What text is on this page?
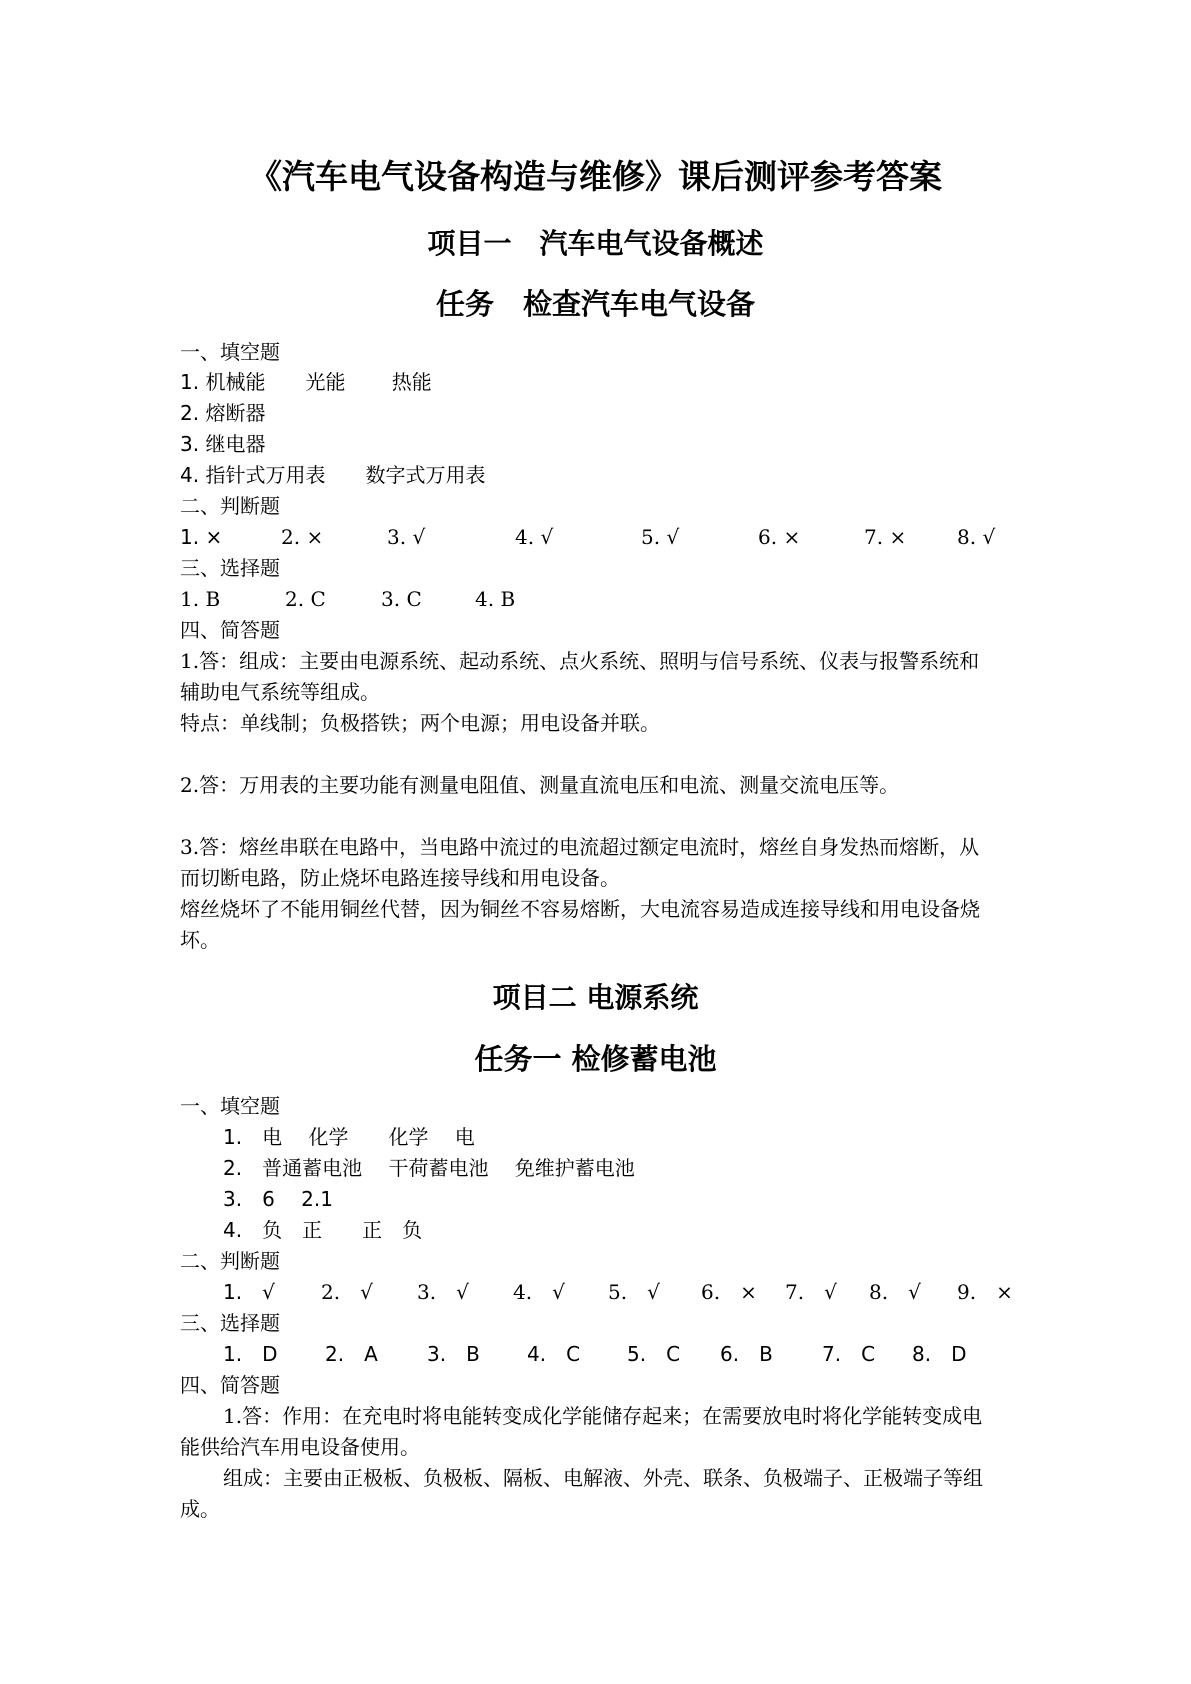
《汽车电气设备构造与维修》课后测评参考答案
项目一　汽车电气设备概述
任务　检查汽车电气设备
一、填空题
1. 机械能　　光能　　 热能
2. 熔断器
3. 继电器
4. 指针式万用表　　数字式万用表
二、判断题
1. ×	2. ×	3. √	4. √	5. √	6. ×	7. ×	8. √
三、选择题
1. B	2. C	3. C	4. B
四、简答题
1.答：组成：主要由电源系统、起动系统、点火系统、照明与信号系统、仪表与报警系统和
辅助电气系统等组成。
特点：单线制；负极搭铁；两个电源；用电设备并联。
2.答：万用表的主要功能有测量电阻值、测量直流电压和电流、测量交流电压等。
3.答：熔丝串联在电路中，当电路中流过的电流超过额定电流时，熔丝自身发热而熔断，从
而切断电路，防止烧坏电路连接导线和用电设备。
熔丝烧坏了不能用铜丝代替，因为铜丝不容易熔断，大电流容易造成连接导线和用电设备烧
坏。
项目二 电源系统
任务一 检修蓄电池
一、填空题
1.　电　 化学　　化学　 电
2.　普通蓄电池　 干荷蓄电池　 免维护蓄电池
3.　6　 2.1
4.　负　正　　正　负
二、判断题
1.　√ 2.　√ 3.　√ 4.　√ 5.　√ 6.　× 7.　√ 8.　√ 9.　×
三、选择题
1.　D 2.　A 3.　B 4.　C 5.　C 6.　B 7.　C 8.　D
四、简答题
1.答：作用：在充电时将电能转变成化学能储存起来；在需要放电时将化学能转变成电
能供给汽车用电设备使用。
组成：主要由正极板、负极板、隔板、电解液、外壳、联条、负极端子、正极端子等组
成。
